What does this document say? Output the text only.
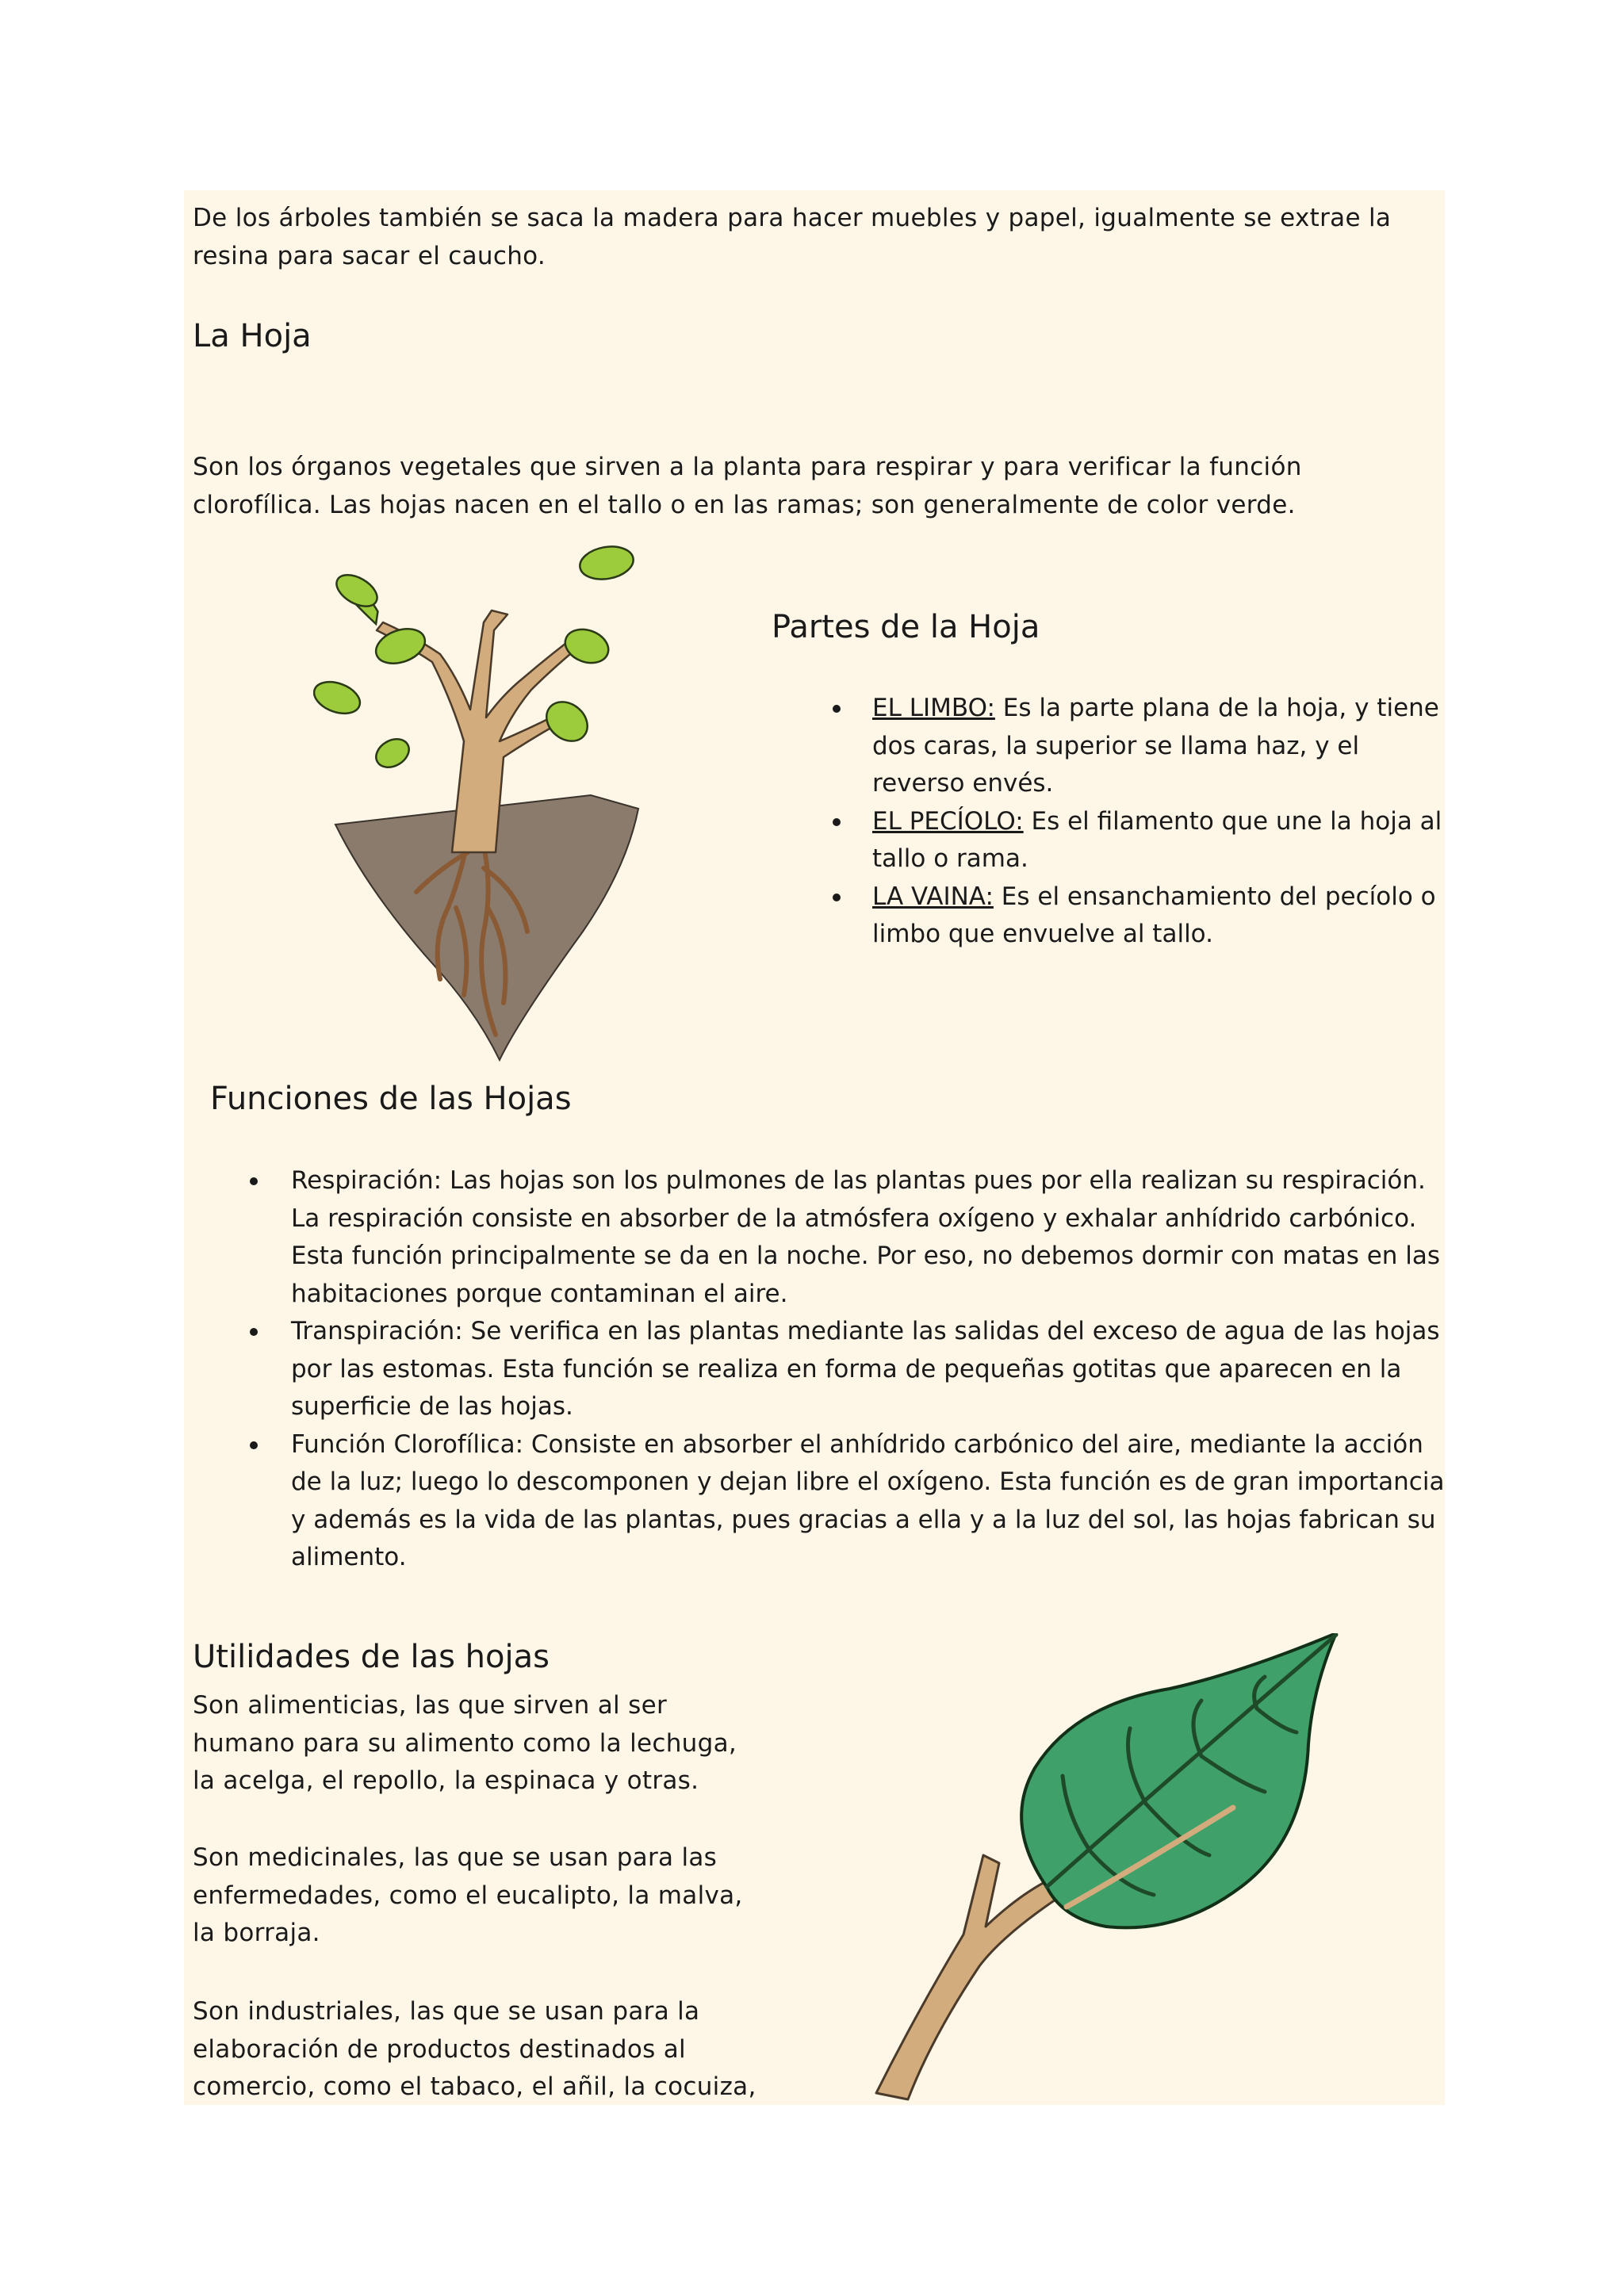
De los árboles también se saca la madera para hacer muebles y papel, igualmente se extrae la resina para sacar el caucho.

La Hoja

Son los órganos vegetales que sirven a la planta para respirar y para verificar la función clorofílica. Las hojas nacen en el tallo o en las ramas; son generalmente de color verde.

Partes de la Hoja
EL LIMBO: Es la parte plana de la hoja, y tiene dos caras, la superior se llama haz, y el reverso envés.
EL PECÍOLO: Es el filamento que une la hoja al tallo o rama.
LA VAINA: Es el ensanchamiento del pecíolo o limbo que envuelve al tallo.
Funciones de las Hojas
Respiración: Las hojas son los pulmones de las plantas pues por ella realizan su respiración. La respiración consiste en absorber de la atmósfera oxígeno y exhalar anhídrido carbónico. Esta función principalmente se da en la noche. Por eso, no debemos dormir con matas en las habitaciones porque contaminan el aire.
Transpiración: Se verifica en las plantas mediante las salidas del exceso de agua de las hojas por las estomas. Esta función se realiza en forma de pequeñas gotitas que aparecen en la superficie de las hojas.
Función Clorofílica: Consiste en absorber el anhídrido carbónico del aire, mediante la acción de la luz; luego lo descomponen y dejan libre el oxígeno. Esta función es de gran importancia y además es la vida de las plantas, pues gracias a ella y a la luz del sol, las hojas fabrican su alimento.
Utilidades de las hojas

Son alimenticias, las que sirven al ser humano para su alimento como la lechuga, la acelga, el repollo, la espinaca y otras.

Son medicinales, las que se usan para las enfermedades, como el eucalipto, la malva, la borraja.

Son industriales, las que se usan para la elaboración de productos destinados al comercio, como el tabaco, el añil, la cocuiza,
